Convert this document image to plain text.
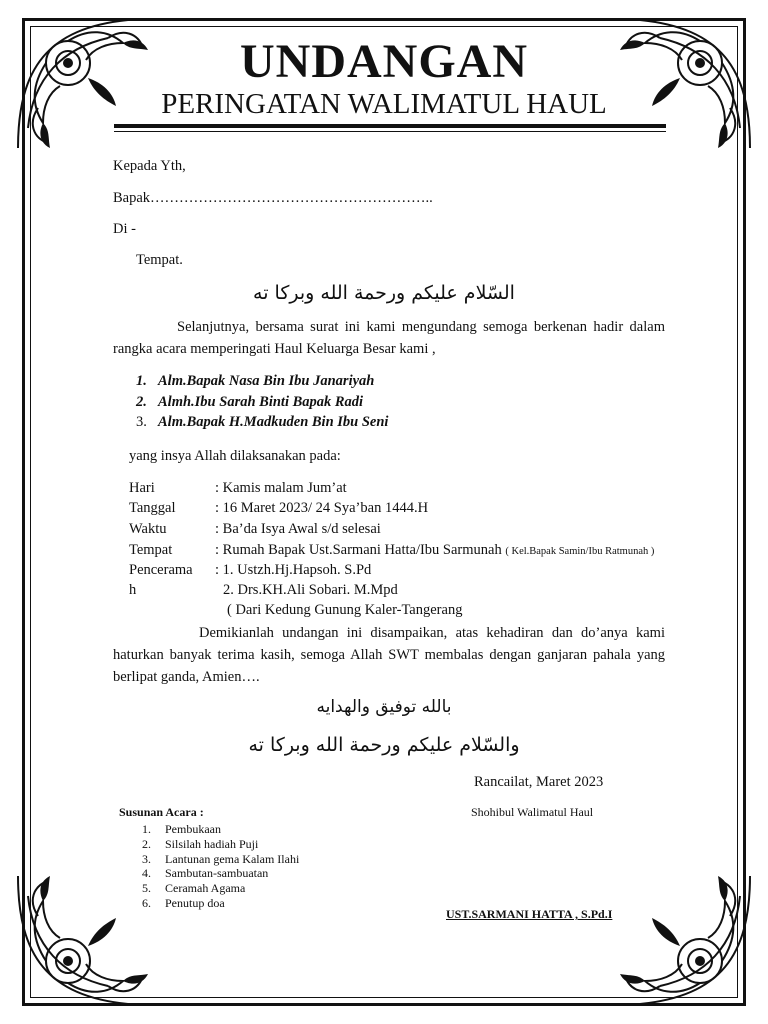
UNDANGAN
PERINGATAN WALIMATUL HAUL
Kepada Yth,
Bapak…………………………………………………..
Di -
Tempat.
السّلام عليكم ورحمة الله وبركا ته
Selanjutnya, bersama surat ini kami mengundang semoga berkenan hadir dalam rangka acara memperingati Haul Keluarga Besar kami ,
1. Alm.Bapak Nasa Bin Ibu Janariyah
2. Almh.Ibu Sarah Binti Bapak Radi
3. Alm.Bapak H.Madkuden Bin Ibu Seni
yang insya Allah dilaksanakan pada:
Hari	: Kamis malam Jum’at
Tanggal	: 16 Maret 2023/ 24 Sya’ban 1444.H
Waktu	: Ba’da Isya Awal s/d selesai
Tempat	: Rumah Bapak Ust.Sarmani Hatta/Ibu Sarmunah ( Kel.Bapak Samin/Ibu Ratmunah )
Pencerama : 1. Ustzh.Hj.Hapsoh. S.Pd
h	2. Drs.KH.Ali Sobari. M.Mpd
( Dari Kedung Gunung Kaler-Tangerang
Demikianlah undangan ini disampaikan, atas kehadiran dan do’anya kami haturkan banyak terima kasih, semoga Allah SWT membalas dengan ganjaran pahala yang berlipat ganda, Amien….
بالله توفيق والهدايه
والسّلام عليكم ورحمة الله وبركا ته
Rancailat, Maret 2023
Susunan Acara :
1. Pembukaan
2. Silsilah hadiah Puji
3. Lantunan gema Kalam Ilahi
4. Sambutan-sambuatan
5. Ceramah Agama
6. Penutup doa
Shohibul Walimatul Haul
UST.SARMANI HATTA , S.Pd.I
